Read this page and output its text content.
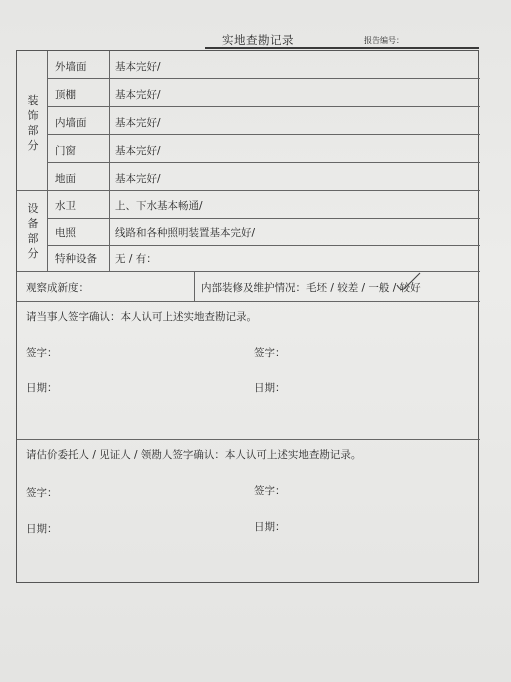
实地查勘记录	报告编号：
装饰部分
外墙面	基本完好/
顶棚	基本完好/
内墙面	基本完好/
门窗	基本完好/
地面	基本完好/
设备部分
水卫	上、下水基本畅通/
电照	线路和各种照明装置基本完好/
特种设备 无 / 有：
观察成新度：	内部装修及维护情况：毛坯 / 较差 / 一般 / 较好
请当事人签字确认：本人认可上述实地查勘记录。
签字：	签字：
日期：	日期：
请估价委托人 / 见证人 / 领勘人签字确认：本人认可上述实地查勘记录。
签字：	签字：
日期：	日期：
